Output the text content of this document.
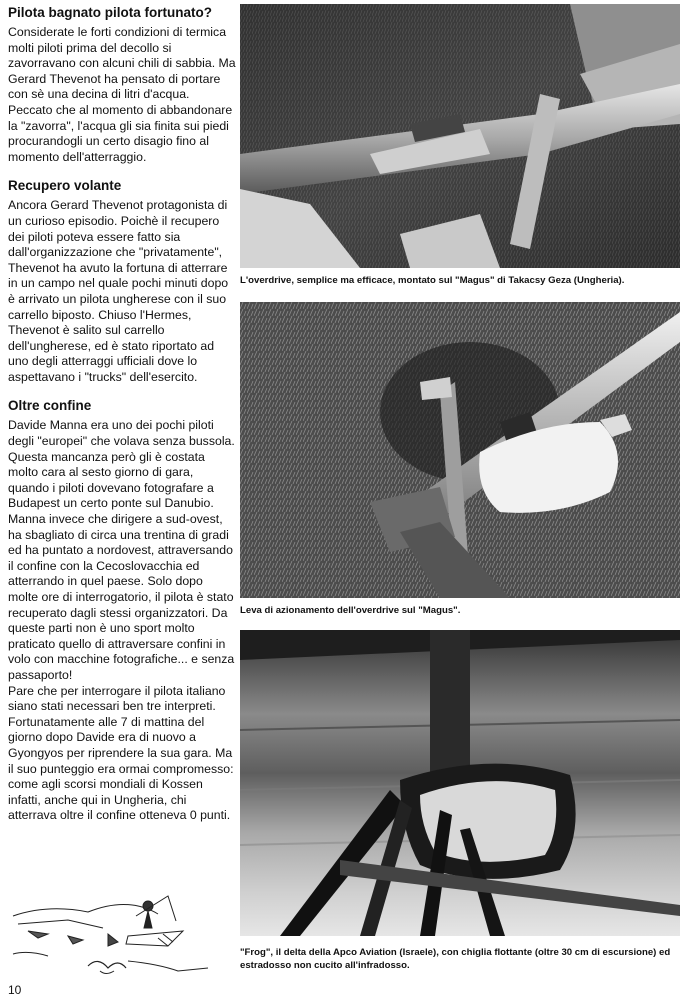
Pilota bagnato pilota fortunato?

Considerate le forti condizioni di termica molti piloti prima del decollo si zavorravano con alcuni chili di sabbia. Ma Gerard Thevenot ha pensato di portare con sè una decina di litri d'acqua. Peccato che al momento di abbandonare la "zavorra", l'acqua gli sia finita sui piedi procurandogli un certo disagio fino al momento dell'atterraggio.

Recupero volante

Ancora Gerard Thevenot protagonista di un curioso episodio. Poichè il recupero dei piloti poteva essere fatto sia dall'organizzazione che "privatamente", Thevenot ha avuto la fortuna di atterrare in un campo nel quale pochi minuti dopo è arrivato un pilota ungherese con il suo carrello biposto. Chiuso l'Hermes, Thevenot è salito sul carrello dell'ungherese, ed è stato riportato ad uno degli atterraggi ufficiali dove lo aspettavano i "trucks" dell'esercito.

Oltre confine

Davide Manna era uno dei pochi piloti degli "europei" che volava senza bussola. Questa mancanza però gli è costata molto cara al sesto giorno di gara, quando i piloti dovevano fotografare a Budapest un certo ponte sul Danubio. Manna invece che dirigere a sud-ovest, ha sbagliato di circa una trentina di gradi ed ha puntato a nordovest, attraversando il confine con la Cecoslovacchia ed atterrando in quel paese. Solo dopo molte ore di interrogatorio, il pilota è stato recuperato dagli stessi organizzatori. Da queste parti non è uno sport molto praticato quello di attraversare confini in volo con macchine fotografiche... e senza passaporto!

Pare che per interrogare il pilota italiano siano stati necessari ben tre interpreti.

Fortunatamente alle 7 di mattina del giorno dopo Davide era di nuovo a Gyongyos per riprendere la sua gara. Ma il suo punteggio era ormai compromesso: come agli scorsi mondiali di Kossen infatti, anche qui in Ungheria, chi atterrava oltre il confine otteneva 0 punti.

10
L'overdrive, semplice ma efficace, montato sul "Magus" di Takacsy Geza (Ungheria).
Leva di azionamento dell'overdrive sul "Magus".
"Frog", il delta della Apco Aviation (Israele), con chiglia flottante (oltre 30 cm di escursione) ed estradosso non cucito all'infradosso.
